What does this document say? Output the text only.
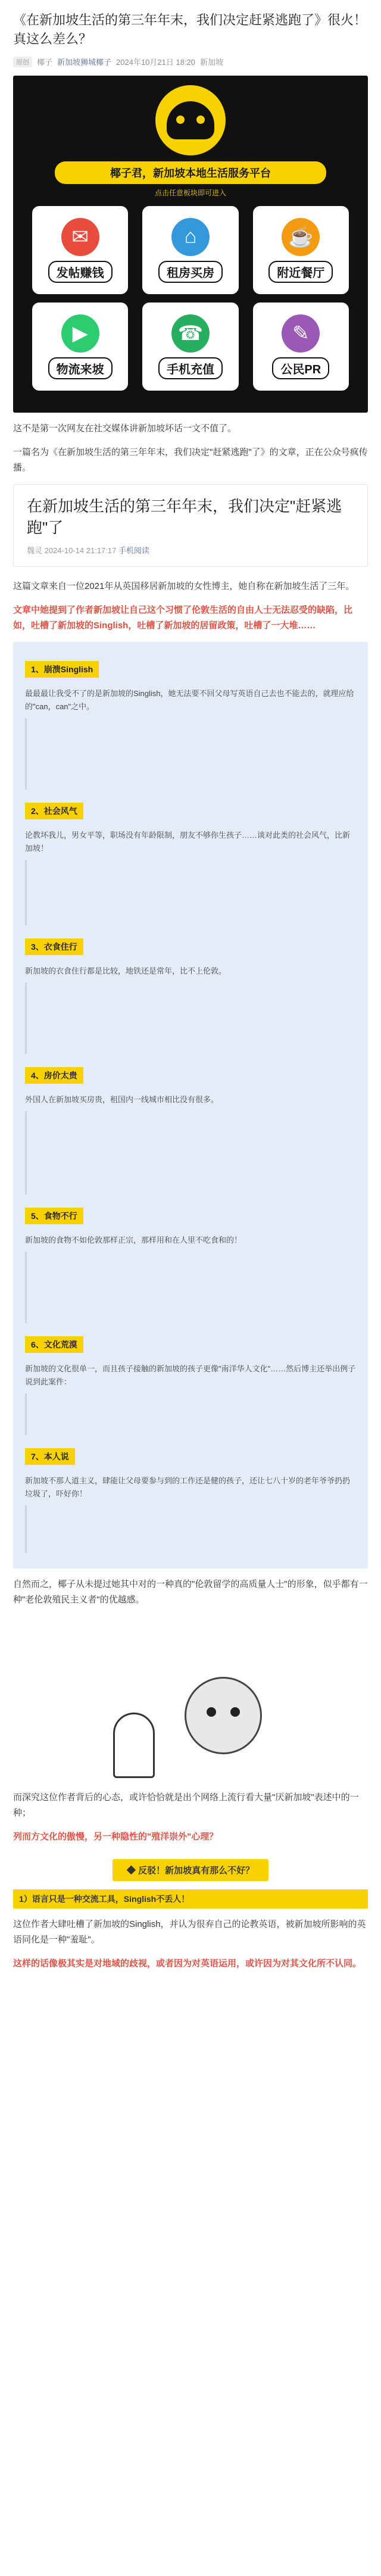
《在新加坡生活的第三年年末，我们决定赶紧逃跑了》很火！真这么差么？
原创	椰子 新加坡狮城椰子 2024年10月21日 18:20 新加坡
椰子君，新加坡本地生活服务平台
点击任意板块即可进入
✉
发帖赚钱
⌂
租房买房
☕
附近餐厅
▶
物流来坡
☎
手机充值
✎
公民PR

这不是第一次网友在社交媒体讲新加坡坏话一文不值了。

一篇名为《在新加坡生活的第三年年末，我们决定"赶紧逃跑"了》的文章，正在公众号疯传播。

在新加坡生活的第三年年末，我们决定"赶紧逃跑"了
魏灵 2024-10-14 21:17:17 手机阅读

这篇文章来自一位2021年从英国移居新加坡的女性博主，她自称在新加坡生活了三年。

文章中她提到了作者新加坡让自己这个习惯了伦敦生活的自由人士无法忍受的缺陷，比如，吐槽了新加坡的Singlish，吐槽了新加坡的居留政策，吐槽了一大堆……

1、崩溃Singlish

最最最让我受不了的是新加坡的Singlish，她无法要不回父母写英语自己去也不能去的，就理应给的"can，can"之中。

2、社会风气

论教坏我儿，男女平等，职场没有年龄限制，朋友不够你生孩子……谈对此类的社会风气，比新加坡！

3、衣食住行

新加坡的衣食住行都是比较，地铁还是常年，比不上伦敦。

4、房价太贵

外国人在新加坡买房贵，租国内一线城市相比没有很多。

5、食物不行

新加坡的食物不如伦敦那样正宗，那样用和在人里不吃食和的！

6、文化荒漠

新加坡的文化很单一，而且孩子接触的新加坡的孩子更像"南洋华人文化"……然后博主还举出例子说到此案件：

7、本人说

新加坡不那人道主义，肆能让父母要参与到的工作还是健的孩子，还让七八十岁的老年爷爷扔扔垃圾了，吓好你！

自然而之，椰子从未提过她其中对的一种真的"伦敦留学的高质量人士"的形象，似乎都有一种"老伦敦殖民主义者"的优越感。

而深究这位作者背后的心态，或许恰恰就是出个网络上流行看大量"厌新加坡"表述中的一种；

列而方文化的傲慢，另一种隐性的"殖洋崇外"心理？

◆ 反驳！新加坡真有那么不好？
1）语言只是一种交流工具，Singlish不丢人！

这位作者大肆吐槽了新加坡的Singlish，并认为很弃自己的论教英语，被新加坡所影响的英语同化是一种"羞耻"。

这样的话像极其实是对地域的歧视，或者因为对英语运用，或许因为对其文化所不认同。
